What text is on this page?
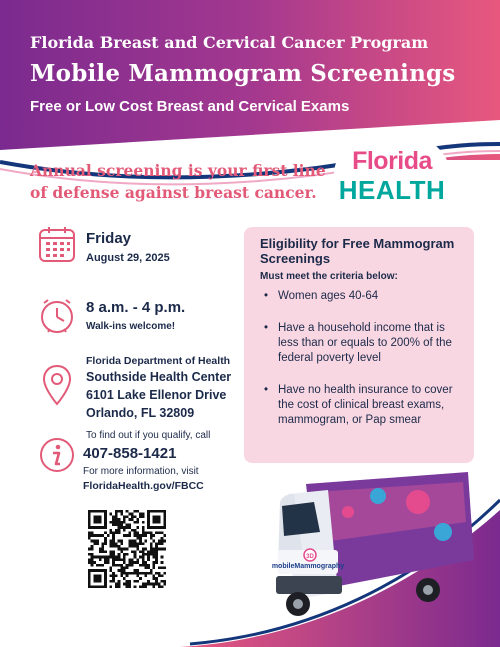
Florida Breast and Cervical Cancer Program
Mobile Mammogram Screenings
Free or Low Cost Breast and Cervical Exams
Annual screening is your first line
of defense against breast cancer.
Florida
HEALTH
Friday
August 29, 2025
8 a.m. - 4 p.m.
Walk-ins welcome!
Florida Department of Health
Southside Health Center
6101 Lake Ellenor Drive
Orlando, FL 32809
To find out if you qualify, call
407-858-1421
For more information, visit
FloridaHealth.gov/FBCC
Eligibility for Free Mammogram Screenings
Must meet the criteria below:
• Women ages 40-64
• Have a household income that is less than or equals to 200% of the federal poverty level
• Have no health insurance to cover the cost of clinical breast exams, mammogram, or Pap smear
3D
mobileMammography
